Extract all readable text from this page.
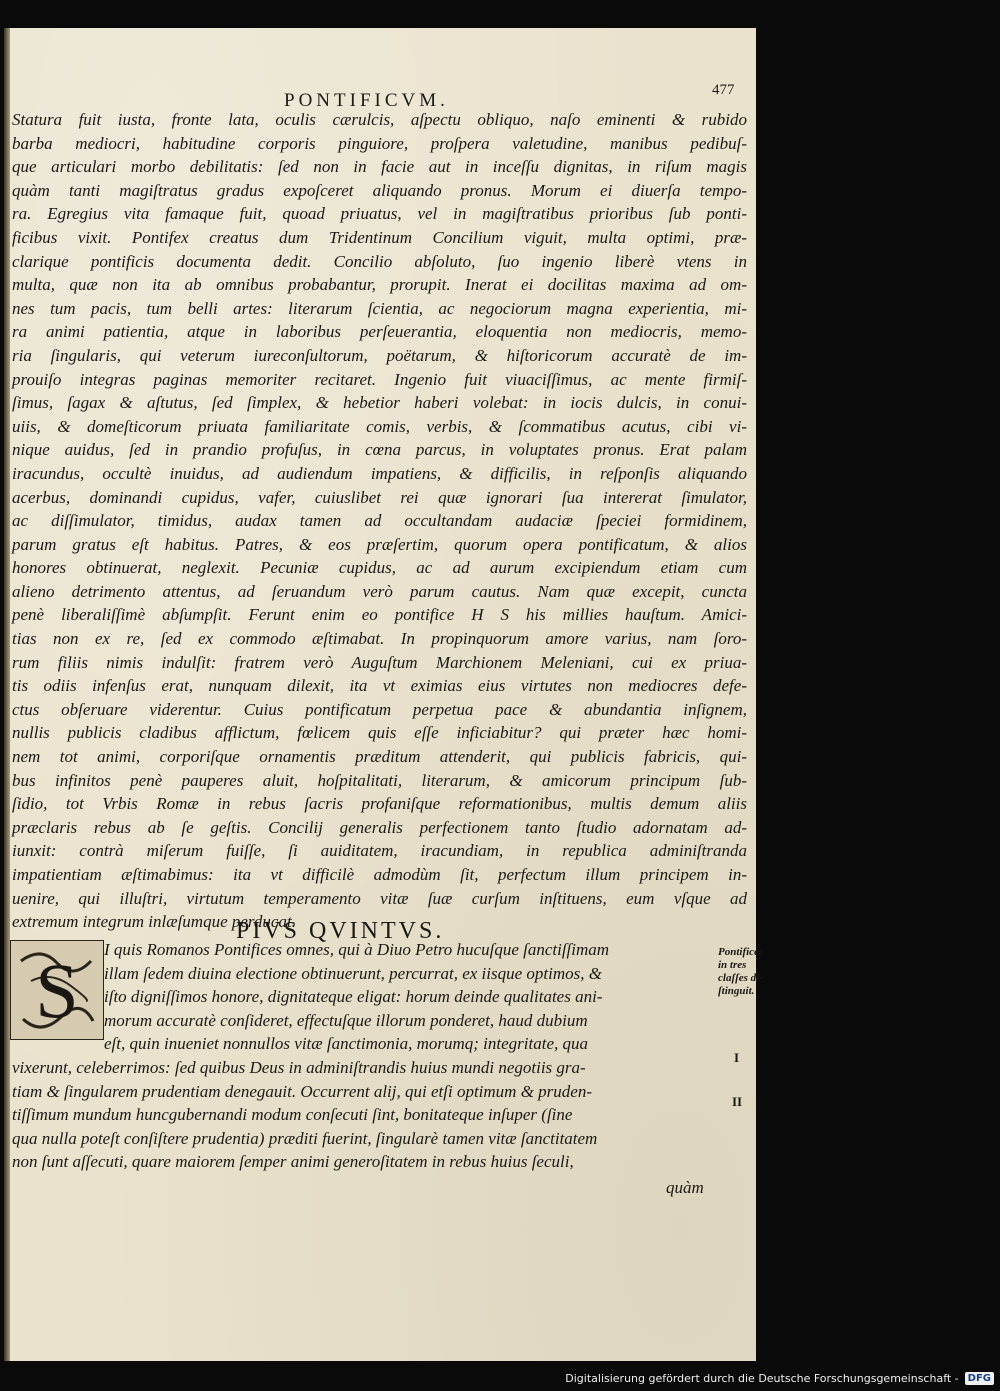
PONTIFICVM.	477
Statura fuit iusta, fronte lata, oculis cærulcis, aſpectu obliquo, naſo eminenti & rubido
barba mediocri, habitudine corporis pinguiore, proſpera valetudine, manibus pedibuſ-
que articulari morbo debilitatis: ſed non in facie aut in inceſſu dignitas, in riſum magis
quàm tanti magiſtratus gradus expoſceret aliquando pronus. Morum ei diuerſa tempo-
ra. Egregius vita famaque fuit, quoad priuatus, vel in magiſtratibus prioribus ſub ponti-
ficibus vixit. Pontifex creatus dum Tridentinum Concilium viguit, multa optimi, præ-
clarique pontificis documenta dedit. Concilio abſoluto, ſuo ingenio liberè vtens in
multa, quæ non ita ab omnibus probabantur, prorupit. Inerat ei docilitas maxima ad om-
nes tum pacis, tum belli artes: literarum ſcientia, ac negociorum magna experientia, mi-
ra animi patientia, atque in laboribus perſeuerantia, eloquentia non mediocris, memo-
ria ſingularis, qui veterum iureconſultorum, poëtarum, & hiſtoricorum accuratè de im-
prouiſo integras paginas memoriter recitaret. Ingenio fuit viuaciſſimus, ac mente firmiſ-
ſimus, ſagax & aſtutus, ſed ſimplex, & hebetior haberi volebat: in iocis dulcis, in conui-
uiis, & domeſticorum priuata familiaritate comis, verbis, & ſcommatibus acutus, cibi vi-
nique auidus, ſed in prandio profuſus, in cœna parcus, in voluptates pronus. Erat palam
iracundus, occultè inuidus, ad audiendum impatiens, & difficilis, in reſponſis aliquando
acerbus, dominandi cupidus, vafer, cuiuslibet rei quæ ignorari ſua intererat ſimulator,
ac diſſimulator, timidus, audax tamen ad occultandam audaciæ ſpeciei formidinem,
parum gratus eſt habitus. Patres, & eos præſertim, quorum opera pontificatum, & alios
honores obtinuerat, neglexit. Pecuniæ cupidus, ac ad aurum excipiendum etiam cum
alieno detrimento attentus, ad ſeruandum verò parum cautus. Nam quæ excepit, cuncta
penè liberaliſſimè abſumpſit. Ferunt enim eo pontifice H S his millies hauſtum. Amici-
tias non ex re, ſed ex commodo æſtimabat. In propinquorum amore varius, nam ſoro-
rum filiis nimis indulſit: fratrem verò Auguſtum Marchionem Meleniani, cui ex priua-
tis odiis infenſus erat, nunquam dilexit, ita vt eximias eius virtutes non mediocres defe-
ctus obſeruare viderentur. Cuius pontificatum perpetua pace & abundantia inſignem,
nullis publicis cladibus afflictum, fœlicem quis eſſe inficiabitur? qui præter hæc homi-
nem tot animi, corporiſque ornamentis præditum attenderit, qui publicis fabricis, qui-
bus infinitos penè pauperes aluit, hoſpitalitati, literarum, & amicorum principum ſub-
ſidio, tot Vrbis Romæ in rebus ſacris profaniſque reformationibus, multis demum aliis
præclaris rebus ab ſe geſtis. Concilij generalis perfectionem tanto ſtudio adornatam ad-
iunxit: contrà miſerum fuiſſe, ſi auiditatem, iracundiam, in republica adminiſtranda
impatientiam æſtimabimus: ita vt difficilè admodùm ſit, perfectum illum principem in-
uenire, qui illuſtri, virtutum temperamento vitæ ſuæ curſum inſtituens, eum vſque ad
extremum integrum inlæſumque perducat.
PIVS QVINTVS.
S	I quis Romanos Pontifices omnes, qui à Diuo Petro hucuſque ſanctiſſimam
illam ſedem diuina electione obtinuerunt, percurrat, ex iisque optimos, &
iſto digniſſimos honore, dignitateque eligat: horum deinde qualitates ani-
morum accuratè conſideret, effectuſque illorum ponderet, haud dubium
eſt, quin inueniet nonnullos vitæ ſanctimonia, morumq; integritate, qua
vixerunt, celeberrimos: ſed quibus Deus in adminiſtrandis huius mundi negotiis gra-
tiam & ſingularem prudentiam denegauit. Occurrent alij, qui etſi optimum & pruden-
tiſſimum mundum huncgubernandi modum conſecuti ſint, bonitateque inſuper (ſine
qua nulla poteſt conſiſtere prudentia) præditi fuerint, ſingularè tamen vitæ ſanctitatem
non ſunt aſſecuti, quare maiorem ſemper animi generoſitatem in rebus huius ſeculi,
Pontifices
in tres
claſſes di-
ſtinguit.
I
II
quàm
Digitalisierung gefördert durch die Deutsche Forschungsgemeinschaft - DFG
